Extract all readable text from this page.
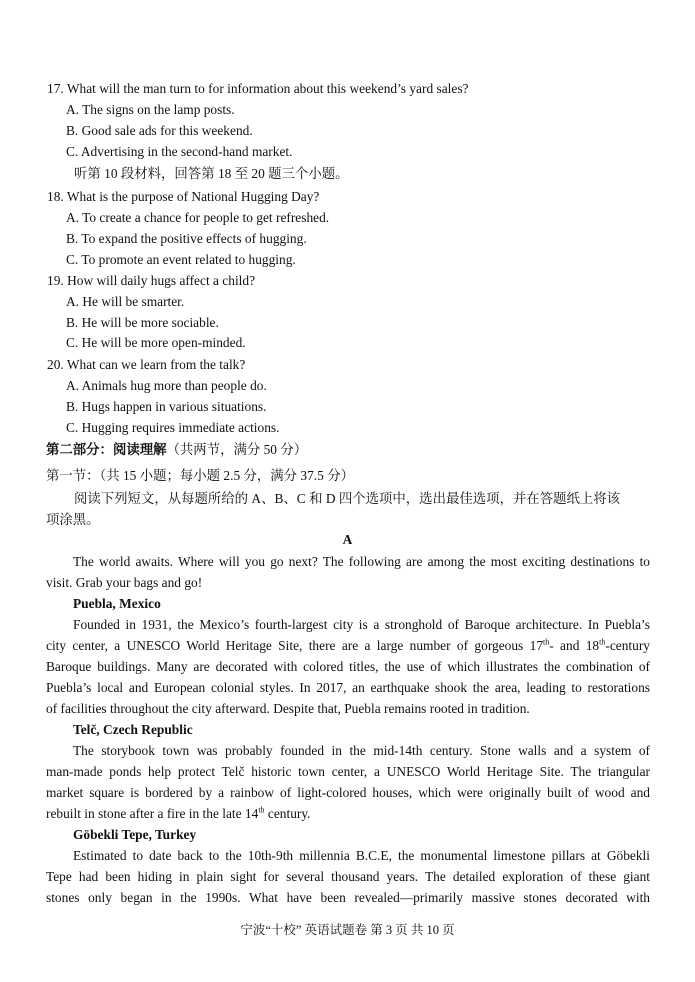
17. What will the man turn to for information about this weekend’s yard sales?
A. The signs on the lamp posts.
B. Good sale ads for this weekend.
C. Advertising in the second-hand market.
听第 10 段材料，回答第 18 至 20 题三个小题。
18. What is the purpose of National Hugging Day?
A. To create a chance for people to get refreshed.
B. To expand the positive effects of hugging.
C. To promote an event related to hugging.
19. How will daily hugs affect a child?
A. He will be smarter.
B. He will be more sociable.
C. He will be more open-minded.
20. What can we learn from the talk?
A. Animals hug more than people do.
B. Hugs happen in various situations.
C. Hugging requires immediate actions.
第二部分：阅读理解（共两节，满分 50 分）
第一节：（共 15 小题；每小题 2.5 分，满分 37.5 分）
阅读下列短文，从每题所给的 A、B、C 和 D 四个选项中，选出最佳选项，并在答题纸上将该
项涂黑。
A
The world awaits. Where will you go next? The following are among the most exciting destinations to
visit. Grab your bags and go!
Puebla, Mexico
Founded in 1931, the Mexico’s fourth-largest city is a stronghold of Baroque architecture. In Puebla’s
city center, a UNESCO World Heritage Site, there are a large number of gorgeous 17th- and 18th-century
Baroque buildings. Many are decorated with colored titles, the use of which illustrates the combination of
Puebla’s local and European colonial styles. In 2017, an earthquake shook the area, leading to restorations
of facilities throughout the city afterward. Despite that, Puebla remains rooted in tradition.
Telč, Czech Republic
The storybook town was probably founded in the mid-14th century. Stone walls and a system of
man-made ponds help protect Telč historic town center, a UNESCO World Heritage Site. The triangular
market square is bordered by a rainbow of light-colored houses, which were originally built of wood and
rebuilt in stone after a fire in the late 14th century.
Göbekli Tepe, Turkey
Estimated to date back to the 10th-9th millennia B.C.E, the monumental limestone pillars at Göbekli
Tepe had been hiding in plain sight for several thousand years. The detailed exploration of these giant
stones only began in the 1990s. What have been revealed—primarily massive stones decorated with
宁波“十校” 英语试题卷 第 3 页 共 10 页
